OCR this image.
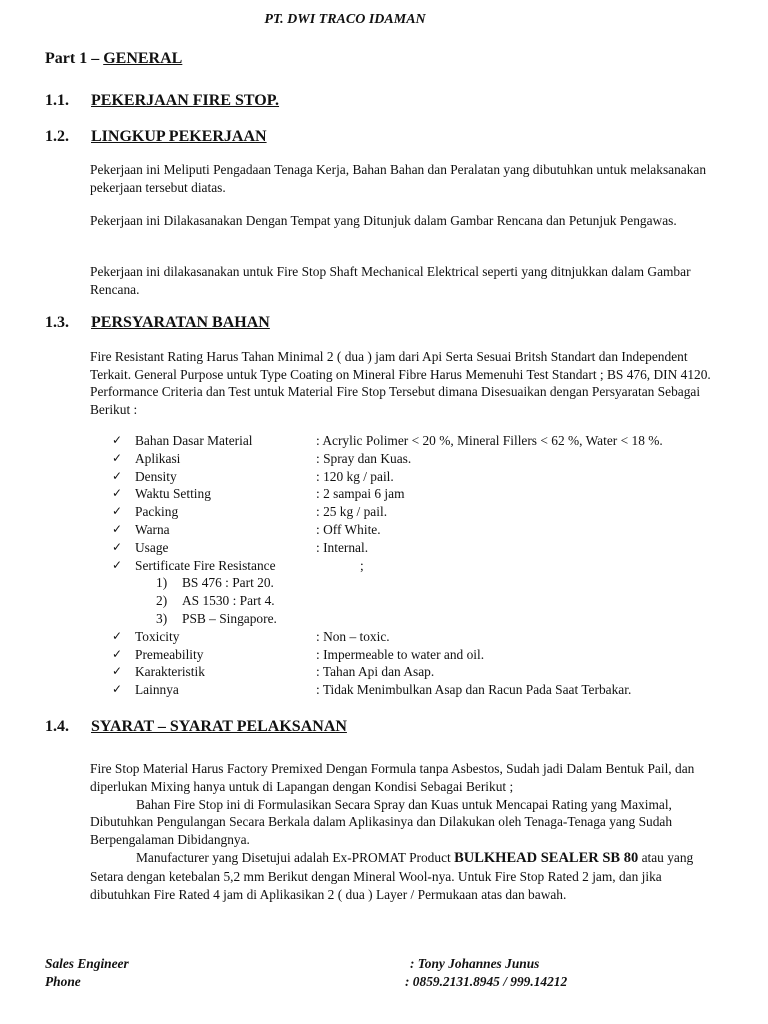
PT. DWI TRACO IDAMAN
Part 1 – GENERAL
1.1. PEKERJAAN FIRE STOP.
1.2. LINGKUP PEKERJAAN
Pekerjaan ini Meliputi Pengadaan Tenaga Kerja, Bahan Bahan dan Peralatan yang dibutuhkan untuk melaksanakan pekerjaan tersebut diatas.
Pekerjaan ini Dilakasanakan Dengan Tempat yang Ditunjuk dalam Gambar Rencana dan Petunjuk Pengawas.
Pekerjaan ini dilakasanakan untuk Fire Stop Shaft Mechanical Elektrical seperti yang ditnjukkan dalam Gambar Rencana.
1.3. PERSYARATAN BAHAN
Fire Resistant Rating Harus Tahan Minimal 2 ( dua ) jam dari Api Serta Sesuai Britsh Standart dan Independent Terkait. General Purpose untuk Type Coating on Mineral Fibre Harus Memenuhi Test Standart ; BS 476, DIN 4120. Performance Criteria dan Test untuk Material Fire Stop Tersebut dimana Disesuaikan dengan Persyaratan Sebagai Berikut :
✓ Bahan Dasar Material	: Acrylic Polimer < 20 %, Mineral Fillers < 62 %, Water < 18 %.
✓ Aplikasi	: Spray dan Kuas.
✓ Density	: 120 kg / pail.
✓ Waktu Setting	: 2 sampai 6 jam
✓ Packing	: 25 kg / pail.
✓ Warna	: Off White.
✓ Usage	: Internal.
✓ Sertificate Fire Resistance	;
1) BS 476 : Part 20.
2) AS 1530 : Part 4.
3) PSB – Singapore.
✓ Toxicity	: Non – toxic.
✓ Premeability	: Impermeable to water and oil.
✓ Karakteristik	: Tahan Api dan Asap.
✓ Lainnya	: Tidak Menimbulkan Asap dan Racun Pada Saat Terbakar.
1.4. SYARAT – SYARAT PELAKSANAN
Fire Stop Material Harus Factory Premixed Dengan Formula tanpa Asbestos, Sudah jadi Dalam Bentuk Pail, dan diperlukan Mixing hanya untuk di Lapangan dengan Kondisi Sebagai Berikut ;
Bahan Fire Stop ini di Formulasikan Secara Spray dan Kuas untuk Mencapai Rating yang Maximal, Dibutuhkan Pengulangan Secara Berkala dalam Aplikasinya dan Dilakukan oleh Tenaga-Tenaga yang Sudah Berpengalaman Dibidangnya.
Manufacturer yang Disetujui adalah Ex-PROMAT Product BULKHEAD SEALER SB 80 atau yang Setara dengan ketebalan 5,2 mm Berikut dengan Mineral Wool-nya. Untuk Fire Stop Rated 2 jam, dan jika dibutuhkan Fire Rated 4 jam di Aplikasikan 2 ( dua ) Layer / Permukaan atas dan bawah.
Sales Engineer	: Tony Johannes Junus
Phone	: 0859.2131.8945 / 999.14212
